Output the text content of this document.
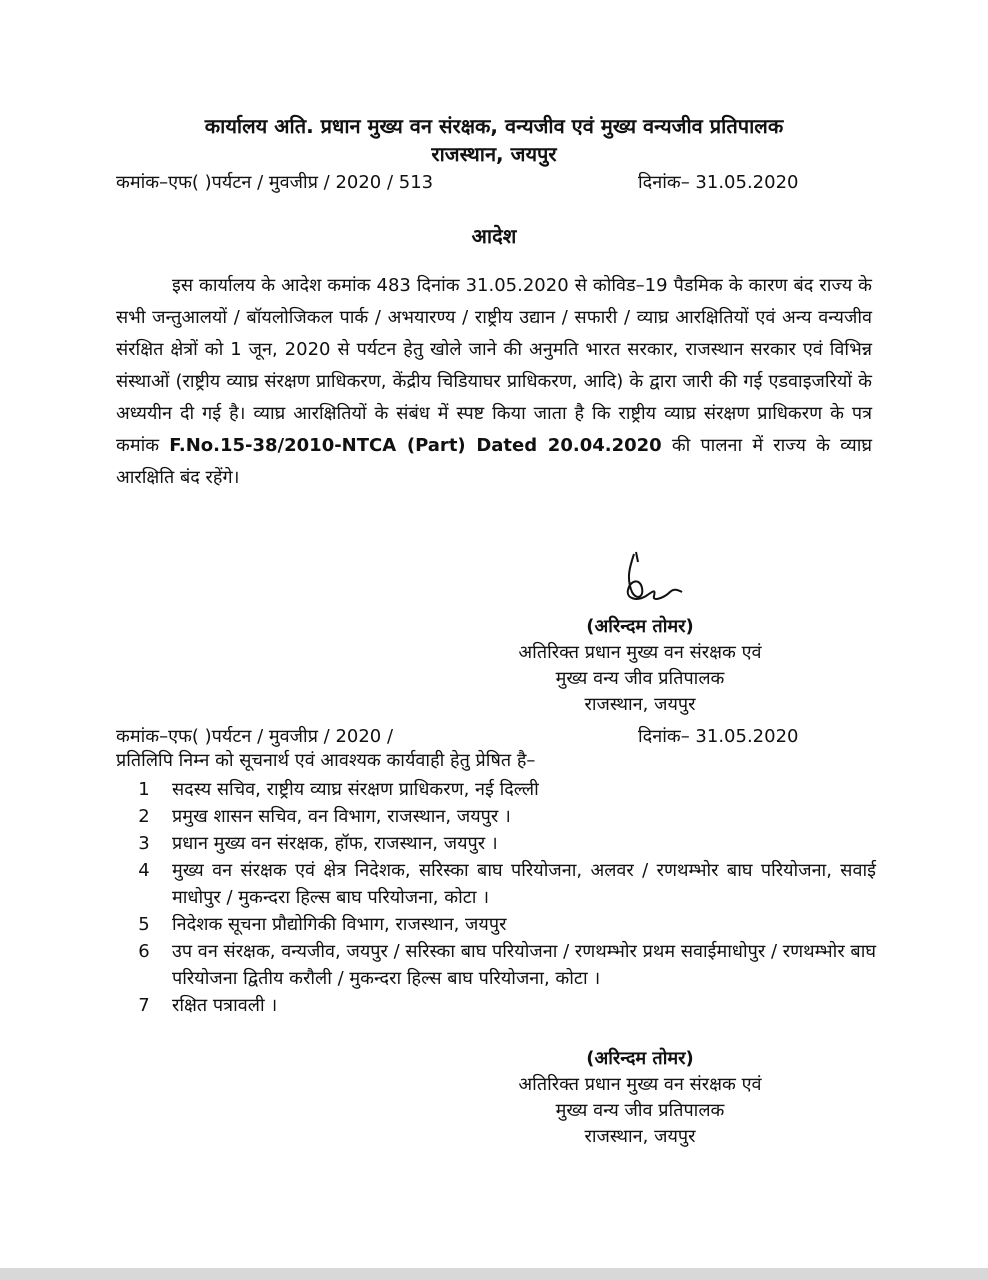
कार्यालय अति. प्रधान मुख्य वन संरक्षक, वन्यजीव एवं मुख्य वन्यजीव प्रतिपालक
राजस्थान, जयपुर
कमांक–एफ( )पर्यटन / मुवजीप्र / 2020 / 513	दिनांक– 31.05.2020
आदेश
इस कार्यालय के आदेश कमांक 483 दिनांक 31.05.2020 से कोविड–19 पैडमिक के कारण बंद राज्य के सभी जन्तुआलयों / बॉयलोजिकल पार्क / अभयारण्य / राष्ट्रीय उद्यान / सफारी / व्याघ्र आरक्षितियों एवं अन्य वन्यजीव संरक्षित क्षेत्रों को 1 जून, 2020 से पर्यटन हेतु खोले जाने की अनुमति भारत सरकार, राजस्थान सरकार एवं विभिन्न संस्थाओं (राष्ट्रीय व्याघ्र संरक्षण प्राधिकरण, केंद्रीय चिडियाघर प्राधिकरण, आदि) के द्वारा जारी की गई एडवाइजरियों के अध्ययीन दी गई है। व्याघ्र आरक्षितियों के संबंध में स्पष्ट किया जाता है कि राष्ट्रीय व्याघ्र संरक्षण प्राधिकरण के पत्र कमांक F.No.15-38/2010-NTCA (Part) Dated 20.04.2020 की पालना में राज्य के व्याघ्र आरक्षिति बंद रहेंगे।
(अरिन्दम तोमर)
अतिरिक्त प्रधान मुख्य वन संरक्षक एवं
मुख्य वन्य जीव प्रतिपालक
राजस्थान, जयपुर
कमांक–एफ( )पर्यटन / मुवजीप्र / 2020 /	दिनांक– 31.05.2020
प्रतिलिपि निम्न को सूचनार्थ एवं आवश्यक कार्यवाही हेतु प्रेषित है–
1	सदस्य सचिव, राष्ट्रीय व्याघ्र संरक्षण प्राधिकरण, नई दिल्ली
2	प्रमुख शासन सचिव, वन विभाग, राजस्थान, जयपुर ।
3	प्रधान मुख्य वन संरक्षक, हॉफ, राजस्थान, जयपुर ।
4	मुख्य वन संरक्षक एवं क्षेत्र निदेशक, सरिस्का बाघ परियोजना, अलवर / रणथम्भोर बाघ परियोजना, सवाई माधोपुर / मुकन्दरा हिल्स बाघ परियोजना, कोटा ।
5	निदेशक सूचना प्रौद्योगिकी विभाग, राजस्थान, जयपुर
6	उप वन संरक्षक, वन्यजीव, जयपुर / सरिस्का बाघ परियोजना / रणथम्भोर प्रथम सवाईमाधोपुर / रणथम्भोर बाघ परियोजना द्वितीय करौली / मुकन्दरा हिल्स बाघ परियोजना, कोटा ।
7	रक्षित पत्रावली ।
(अरिन्दम तोमर)
अतिरिक्त प्रधान मुख्य वन संरक्षक एवं
मुख्य वन्य जीव प्रतिपालक
राजस्थान, जयपुर
